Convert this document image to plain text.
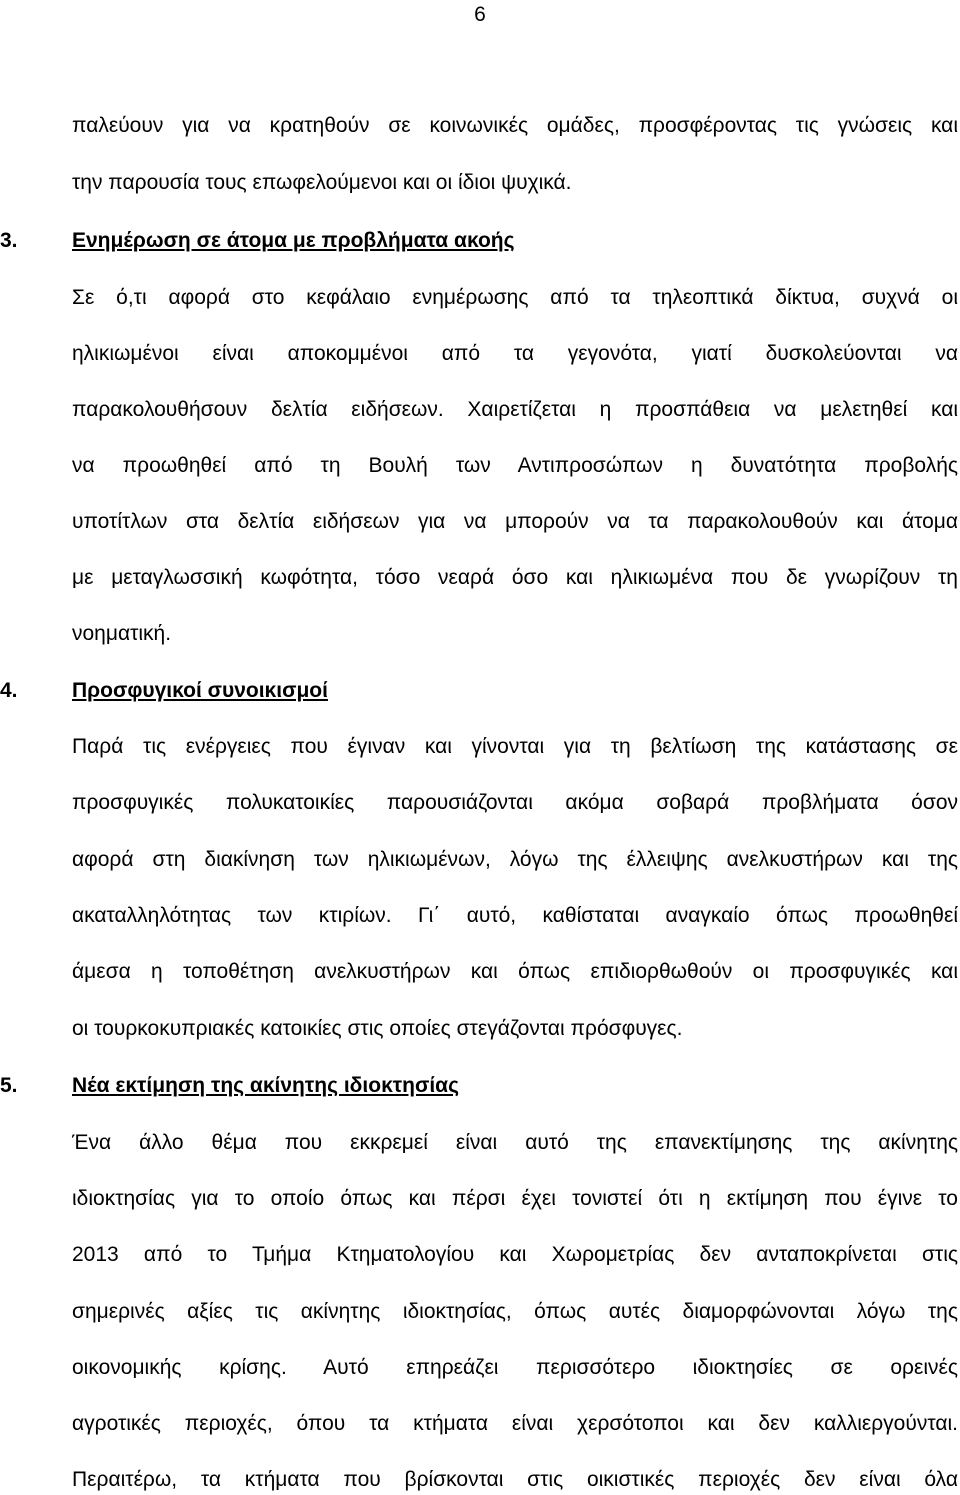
6
παλεύουν για να κρατηθούν σε κοινωνικές ομάδες, προσφέροντας τις γνώσεις και
την παρουσία τους επωφελούμενοι και οι ίδιοι ψυχικά.
3.	Ενημέρωση σε άτομα με προβλήματα ακοής
Σε ό,τι αφορά στο κεφάλαιο ενημέρωσης από τα τηλεοπτικά δίκτυα, συχνά οι
ηλικιωμένοι είναι αποκομμένοι από τα γεγονότα, γιατί δυσκολεύονται να
παρακολουθήσουν δελτία ειδήσεων. Χαιρετίζεται η προσπάθεια να μελετηθεί και
να προωθηθεί από τη Βουλή των Αντιπροσώπων η δυνατότητα προβολής
υποτίτλων στα δελτία ειδήσεων για να μπορούν να τα παρακολουθούν και άτομα
με μεταγλωσσική κωφότητα, τόσο νεαρά όσο και ηλικιωμένα που δε γνωρίζουν τη
νοηματική.
4.	Προσφυγικοί συνοικισμοί
Παρά τις ενέργειες που έγιναν και γίνονται για τη βελτίωση της κατάστασης σε
προσφυγικές πολυκατοικίες παρουσιάζονται ακόμα σοβαρά προβλήματα όσον
αφορά στη διακίνηση των ηλικιωμένων, λόγω της έλλειψης ανελκυστήρων και της
ακαταλληλότητας των κτιρίων. Γι΄ αυτό, καθίσταται αναγκαίο όπως προωθηθεί
άμεσα η τοποθέτηση ανελκυστήρων και όπως επιδιορθωθούν οι προσφυγικές και
οι τουρκοκυπριακές κατοικίες στις οποίες στεγάζονται πρόσφυγες.
5.	Νέα εκτίμηση της ακίνητης ιδιοκτησίας
Ένα άλλο θέμα που εκκρεμεί είναι αυτό της επανεκτίμησης της ακίνητης
ιδιοκτησίας για το οποίο όπως και πέρσι έχει τονιστεί ότι η εκτίμηση που έγινε το
2013 από το Τμήμα Κτηματολογίου και Χωρομετρίας δεν ανταποκρίνεται στις
σημερινές αξίες τις ακίνητης ιδιοκτησίας, όπως αυτές διαμορφώνονται λόγω της
οικονομικής κρίσης. Αυτό επηρεάζει περισσότερο ιδιοκτησίες σε ορεινές
αγροτικές περιοχές, όπου τα κτήματα είναι χερσότοποι και δεν καλλιεργούνται.
Περαιτέρω, τα κτήματα που βρίσκονται στις οικιστικές περιοχές δεν είναι όλα
